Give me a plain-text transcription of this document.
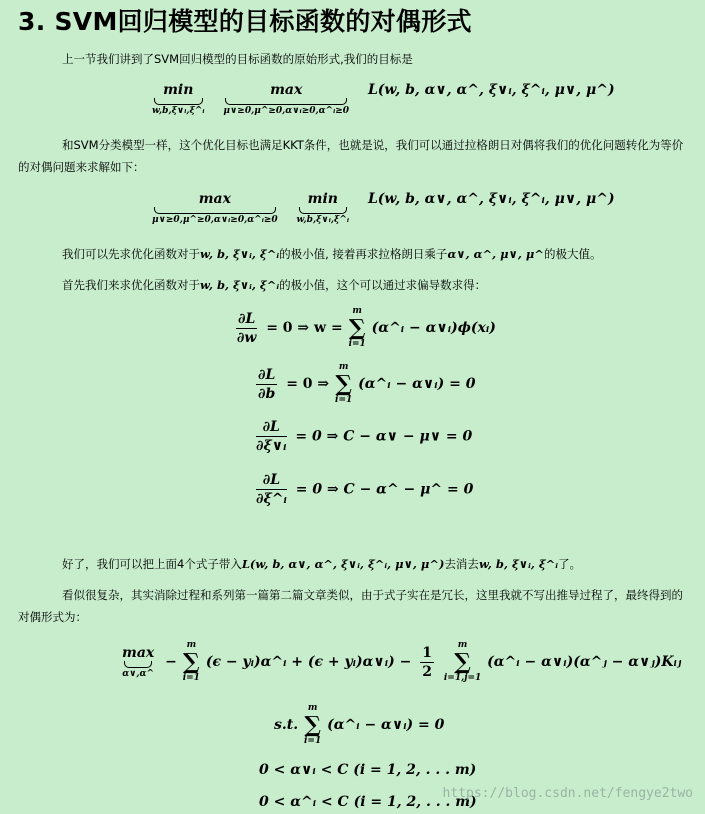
3. SVM回归模型的目标函数的对偶形式
上一节我们讲到了SVM回归模型的目标函数的原始形式,我们的目标是
min
w,b,ξ∨ᵢ,ξ^ᵢ

max
μ∨≥0,μ^≥0,α∨ᵢ≥0,α^ᵢ≥0
L(w, b, α∨, α^, ξ∨ᵢ, ξ^ᵢ, μ∨, μ^)
和SVM分类模型一样，这个优化目标也满足KKT条件，也就是说，我们可以通过拉格朗日对偶将我们的优化问题转化为等价的对偶问题来求解如下：
max
μ∨≥0,μ^≥0,α∨ᵢ≥0,α^ᵢ≥0

min
w,b,ξ∨ᵢ,ξ^ᵢ
L(w, b, α∨, α^, ξ∨ᵢ, ξ^ᵢ, μ∨, μ^)
我们可以先求优化函数对于w, b, ξ∨ᵢ, ξ^ᵢ的极小值, 接着再求拉格朗日乘子α∨, α^, μ∨, μ^的极大值。
首先我们来求优化函数对于w, b, ξ∨ᵢ, ξ^ᵢ的极小值，这个可以通过求偏导数求得：
$\frac{\partial L}{\partial w} = 0$ ⇒ w =
m
∑
i=1
(α^ᵢ − α∨ᵢ)ϕ(xᵢ)
$\frac{\partial L}{\partial b} = 0$ ⇒
m
∑
i=1
(α^ᵢ − α∨ᵢ) = 0
$\frac{\partial L}{\text{∂ξ∨ᵢ}} = 0$ ⇒ C − α∨ − μ∨ = 0
$\frac{\partial L}{\text{∂ξ\textasciicircum{}ᵢ}} = 0$ ⇒ C − α^ − μ^ = 0
好了，我们可以把上面4个式子带入L(w, b, α∨, α^, ξ∨ᵢ, ξ^ᵢ, μ∨, μ^)去消去w, b, ξ∨ᵢ, ξ^ᵢ了。
看似很复杂，其实消除过程和系列第一篇第二篇文章类似，由于式子实在是冗长，这里我就不写出推导过程了，最终得到的对偶形式为：
max
α∨,α^
−
m
∑
i=1
(ϵ − yᵢ)α^ᵢ + (ϵ + yᵢ)α∨ᵢ) − $\frac{1}{2}$
	m
∑
i=1,j=1
(α^ᵢ − α∨ᵢ)(α^ⱼ − α∨ⱼ)Kᵢⱼ
s.t.
m
∑
i=1
(α^ᵢ − α∨ᵢ) = 0
0 < α∨ᵢ < C (i = 1, 2, . . . m)
0 < α^ᵢ < C (i = 1, 2, . . . m)
https://blog.csdn.net/fengye2two
